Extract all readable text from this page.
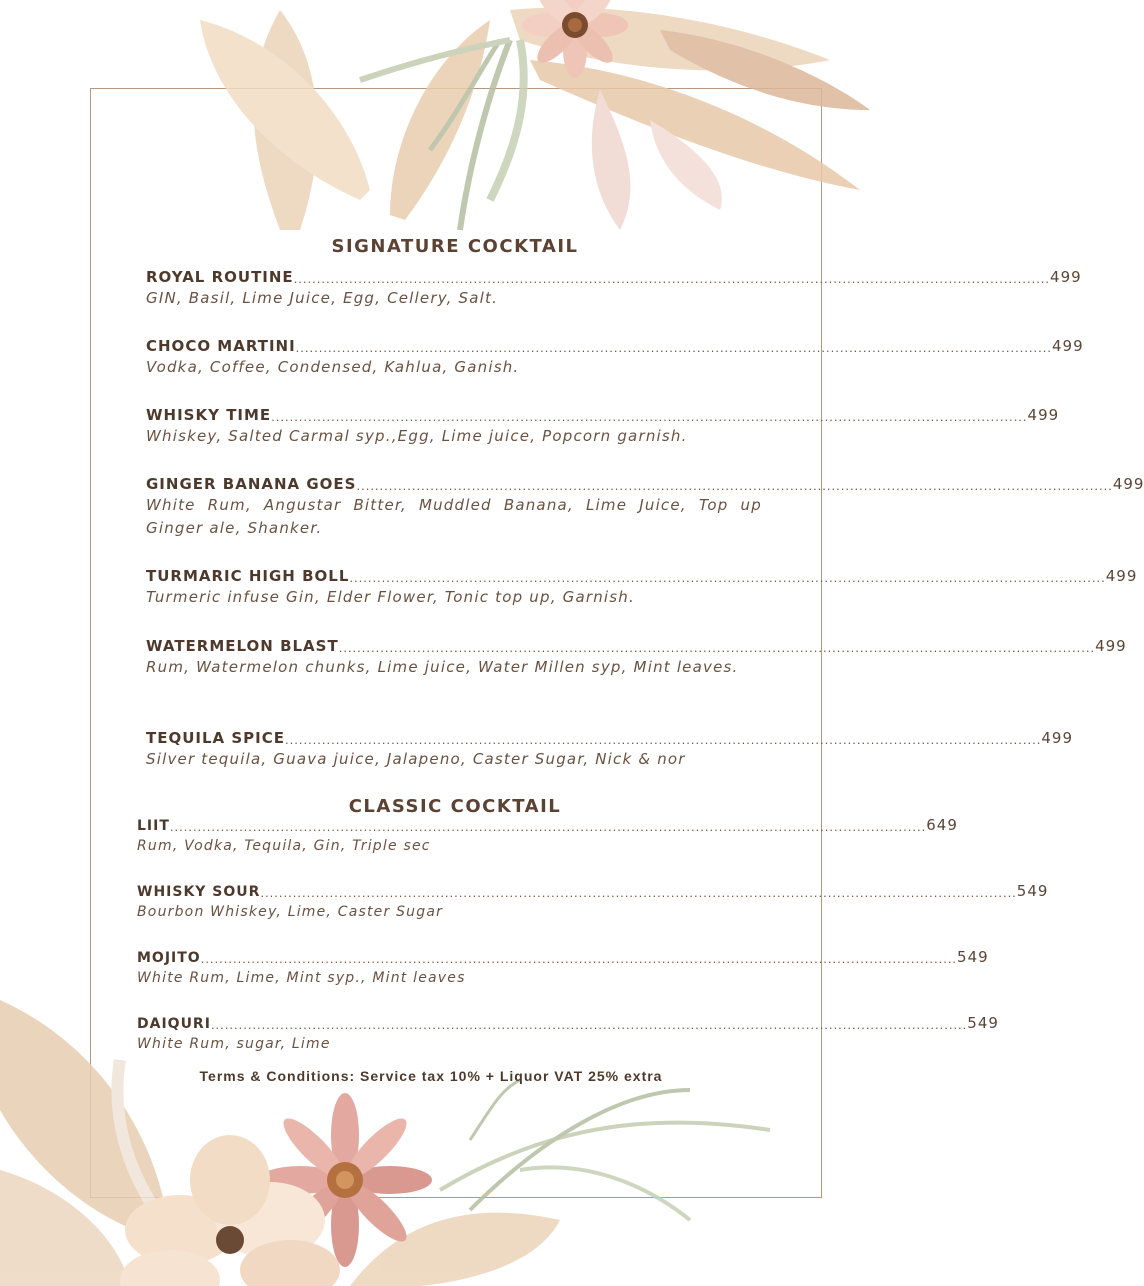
SIGNATURE COCKTAIL
ROYAL ROUTINE .................................................................................................................................................................... 499
GIN, Basil, Lime Juice, Egg, Cellery, Salt.
CHOCO MARTINI .................................................................................................................................................................... 499
Vodka, Coffee, Condensed, Kahlua, Ganish.
WHISKY TIME .................................................................................................................................................................... 499
Whiskey, Salted Carmal syp.,Egg, Lime juice, Popcorn garnish.
GINGER BANANA GOES .................................................................................................................................................................... 499
White Rum, Angustar Bitter, Muddled Banana, Lime Juice, Top up Ginger ale, Shanker.
TURMARIC HIGH BOLL .................................................................................................................................................................... 499
Turmeric infuse Gin, Elder Flower, Tonic top up, Garnish.
WATERMELON BLAST .................................................................................................................................................................... 499
Rum, Watermelon chunks, Lime juice, Water Millen syp, Mint leaves.
TEQUILA SPICE .................................................................................................................................................................... 499
Silver tequila, Guava juice, Jalapeno, Caster Sugar, Nick & nor
CLASSIC COCKTAIL
LIIT .................................................................................................................................................................... 649
Rum, Vodka, Tequila, Gin, Triple sec
WHISKY SOUR .................................................................................................................................................................... 549
Bourbon Whiskey, Lime, Caster Sugar
MOJITO .................................................................................................................................................................... 549
White Rum, Lime, Mint syp., Mint leaves
DAIQURI .................................................................................................................................................................... 549
White Rum, sugar, Lime
Terms & Conditions: Service tax 10% + Liquor VAT 25% extra
